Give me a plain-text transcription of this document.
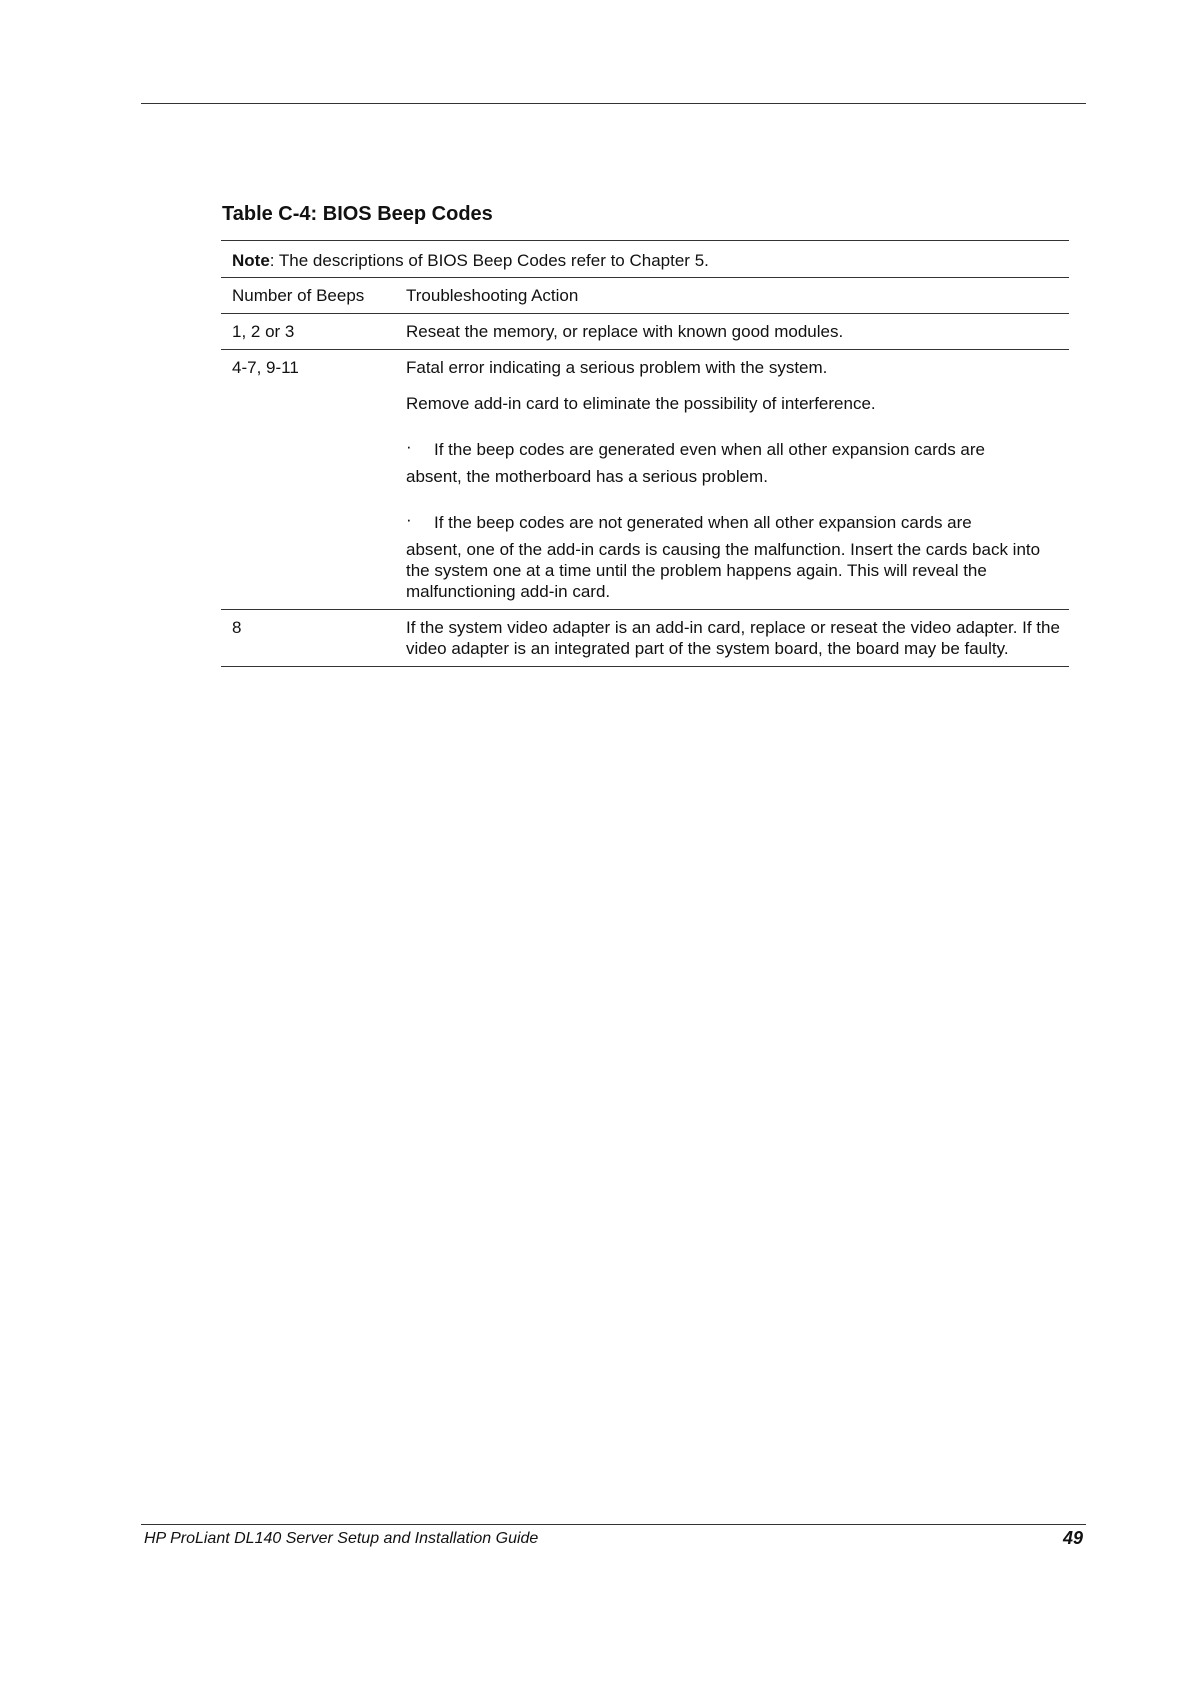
Table C-4: BIOS Beep Codes
Note: The descriptions of BIOS Beep Codes refer to Chapter 5.
Number of Beeps	Troubleshooting Action
1, 2 or 3	Reseat the memory, or replace with known good modules.
4-7, 9-11	Fatal error indicating a serious problem with the system.

Remove add-in card to eliminate the possibility of interference.

· If the beep codes are generated even when all other expansion cards are
absent, the motherboard has a serious problem.
· If the beep codes are not generated when all other expansion cards are
absent, one of the add-in cards is causing the malfunction. Insert the cards back into the system one at a time until the problem happens again. This will reveal the malfunctioning add-in card.
8	If the system video adapter is an add-in card, replace or reseat the video adapter. If the video adapter is an integrated part of the system board, the board may be faulty.
HP ProLiant DL140 Server Setup and Installation Guide	49
